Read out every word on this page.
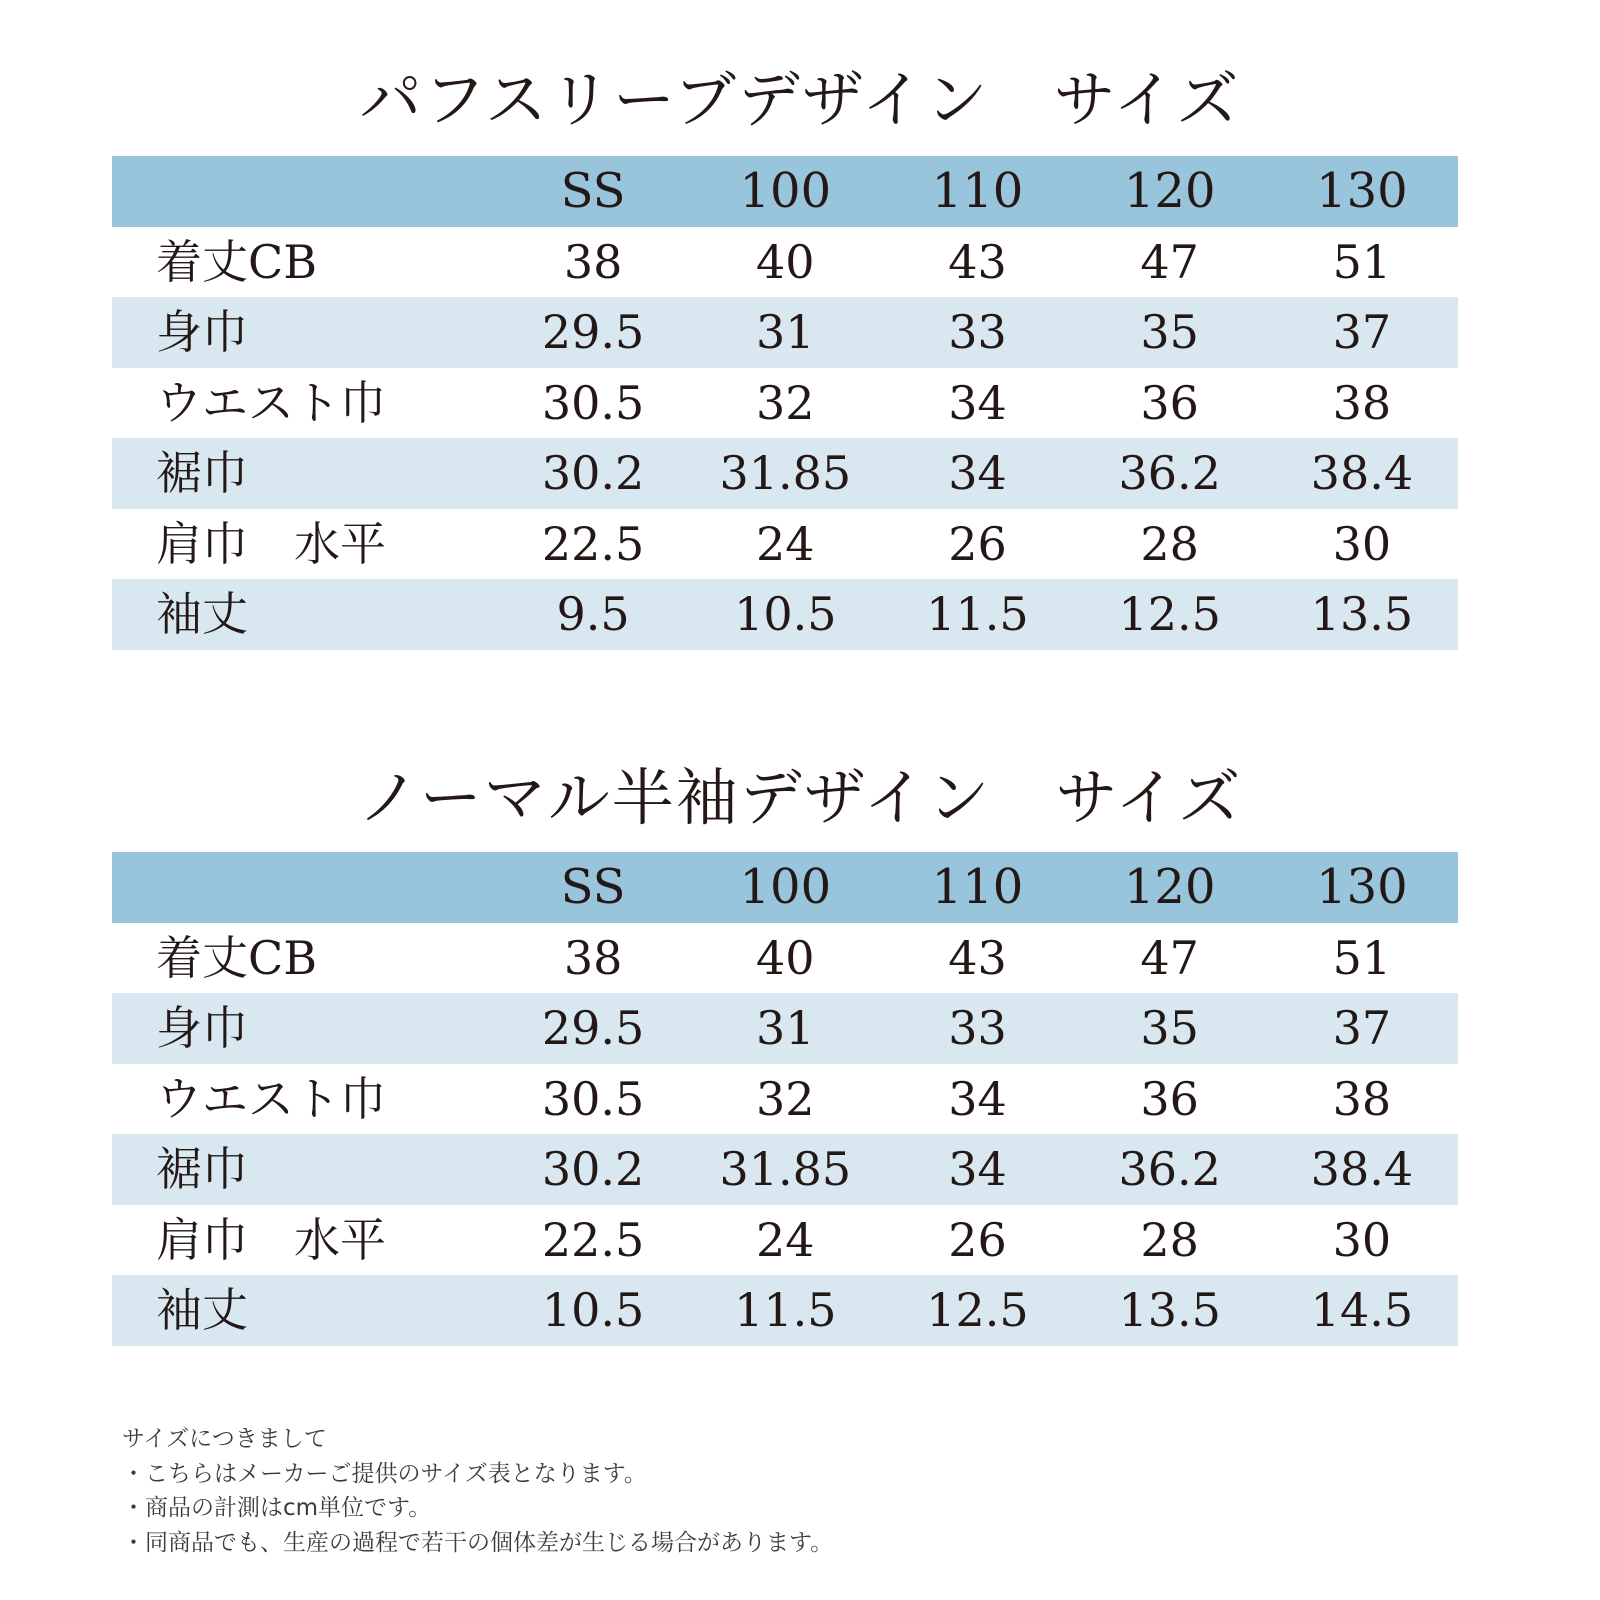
パフスリーブデザイン　サイズ
	SS	100	110	120	130
着丈CB	38	40	43	47	51
身巾	29.5	31	33	35	37
ウエスト巾	30.5	32	34	36	38
裾巾	30.2	31.85	34	36.2	38.4
肩巾　水平	22.5	24	26	28	30
袖丈	9.5	10.5	11.5	12.5	13.5
ノーマル半袖デザイン　サイズ
	SS	100	110	120	130
着丈CB	38	40	43	47	51
身巾	29.5	31	33	35	37
ウエスト巾	30.5	32	34	36	38
裾巾	30.2	31.85	34	36.2	38.4
肩巾　水平	22.5	24	26	28	30
袖丈	10.5	11.5	12.5	13.5	14.5
サイズにつきまして
・こちらはメーカーご提供のサイズ表となります。
・商品の計測はcm単位です。
・同商品でも、生産の過程で若干の個体差が生じる場合があります。
